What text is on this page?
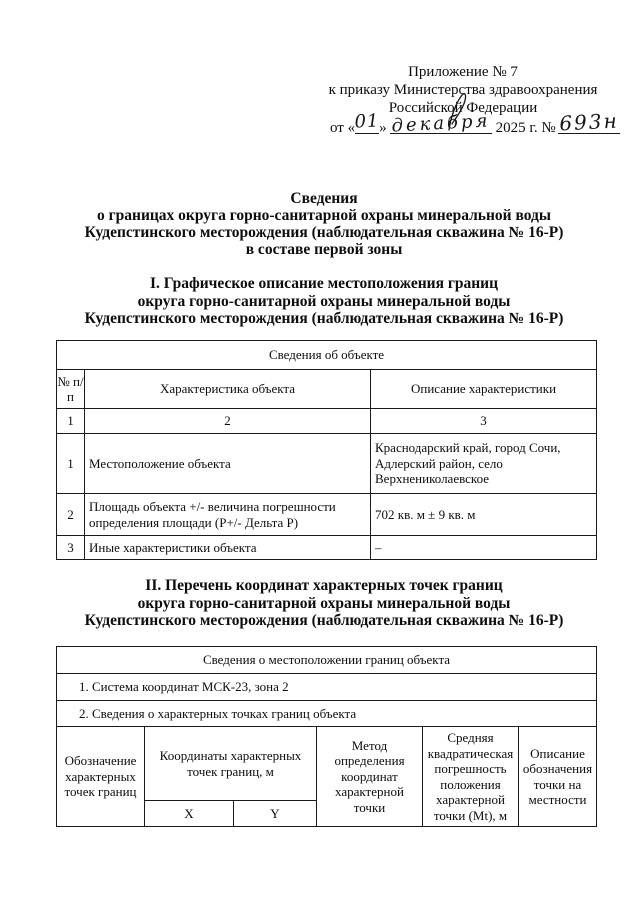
Приложение № 7
к приказу Министерства здравоохранения
Российской Федерации
от «
01 » декабря 2025 г. № 693н
Сведения
о границах округа горно-санитарной охраны минеральной воды
Кудепстинского месторождения (наблюдательная скважина № 16-Р)
в составе первой зоны
I. Графическое описание местоположения границ
округа горно-санитарной охраны минеральной воды
Кудепстинского месторождения (наблюдательная скважина № 16-Р)
Сведения об объекте		
№ п/п	Характеристика объекта	Описание характеристики
1	2	3
1	Местоположение объекта	Краснодарский край, город Сочи, Адлерский район, село Верхнениколаевское
2	Площадь объекта +/- величина погрешности определения площади (Р+/- Дельта Р)	702 кв. м ± 9 кв. м
3	Иные характеристики объекта	–
II. Перечень координат характерных точек границ
округа горно-санитарной охраны минеральной воды
Кудепстинского месторождения (наблюдательная скважина № 16-Р)
Сведения о местоположении границ объекта					
1. Система координат МСК-23, зона 2					
2. Сведения о характерных точках границ объекта					
Обозначение характерных точек границ	Координаты характерных точек границ, м		Метод определения координат характерной точки	Средняя квадратическая погрешность положения характерной точки (Mt), м	Описание обозначения точки на местности
	X	Y			
